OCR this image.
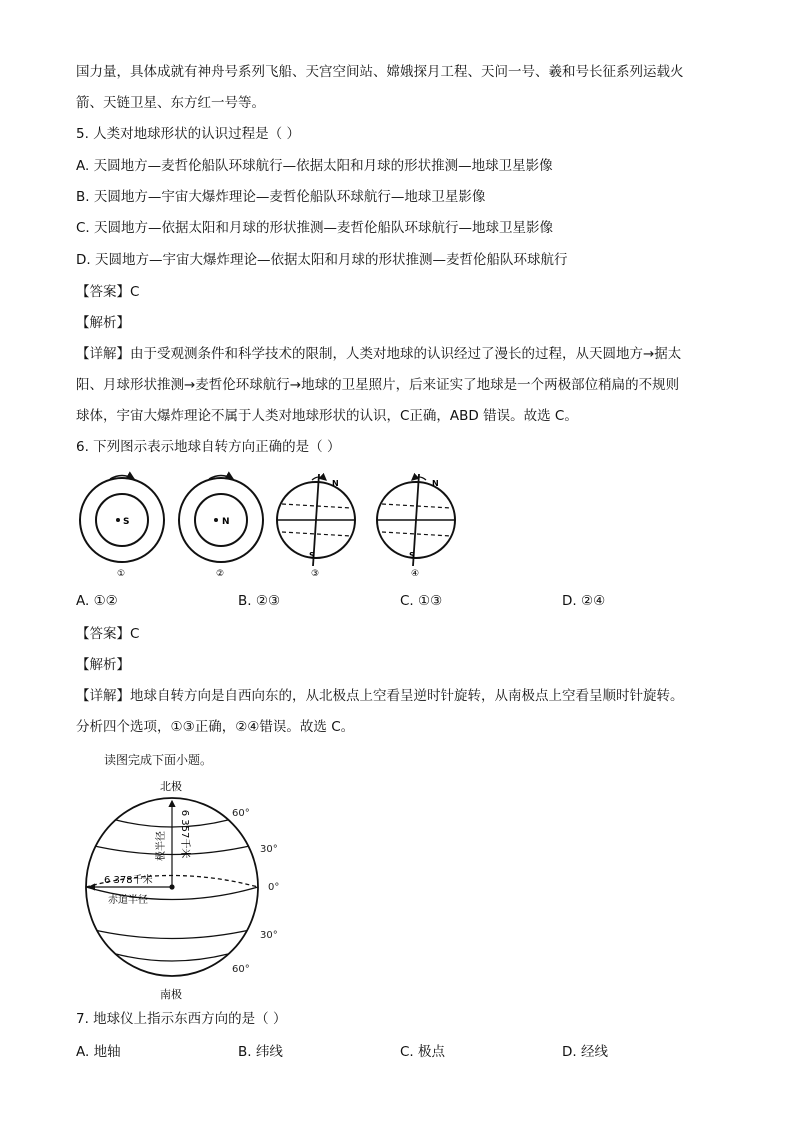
国力量，具体成就有神舟号系列飞船、天宫空间站、嫦娥探月工程、天问一号、羲和号长征系列运载火
箭、天链卫星、东方红一号等。
5. 人类对地球形状的认识过程是（ ）
A. 天圆地方—麦哲伦船队环球航行—依据太阳和月球的形状推测—地球卫星影像
B. 天圆地方—宇宙大爆炸理论—麦哲伦船队环球航行—地球卫星影像
C. 天圆地方—依据太阳和月球的形状推测—麦哲伦船队环球航行—地球卫星影像
D. 天圆地方—宇宙大爆炸理论—依据太阳和月球的形状推测—麦哲伦船队环球航行
【答案】C
【解析】
【详解】由于受观测条件和科学技术的限制，人类对地球的认识经过了漫长的过程，从天圆地方→据太
阳、月球形状推测→麦哲伦环球航行→地球的卫星照片，后来证实了地球是一个两极部位稍扁的不规则
球体，宇宙大爆炸理论不属于人类对地球形状的认识，C正确，ABD 错误。故选 C。
6. 下列图示表示地球自转方向正确的是（ ）
S
①
N
②
N
S
③
N
S
④
A. ①②	B. ②③	C. ①③	D. ②④
【答案】C
【解析】
【详解】地球自转方向是自西向东的，从北极点上空看呈逆时针旋转，从南极点上空看呈顺时针旋转。
分析四个选项，①③正确，②④错误。故选 C。
读图完成下面小题。
北极
南极
极半径 6 357千米
6 378千米
赤道半径
60°
30°
0°
30°
60°
7. 地球仪上指示东西方向的是（ ）
A. 地轴	B. 纬线	C. 极点	D. 经线
